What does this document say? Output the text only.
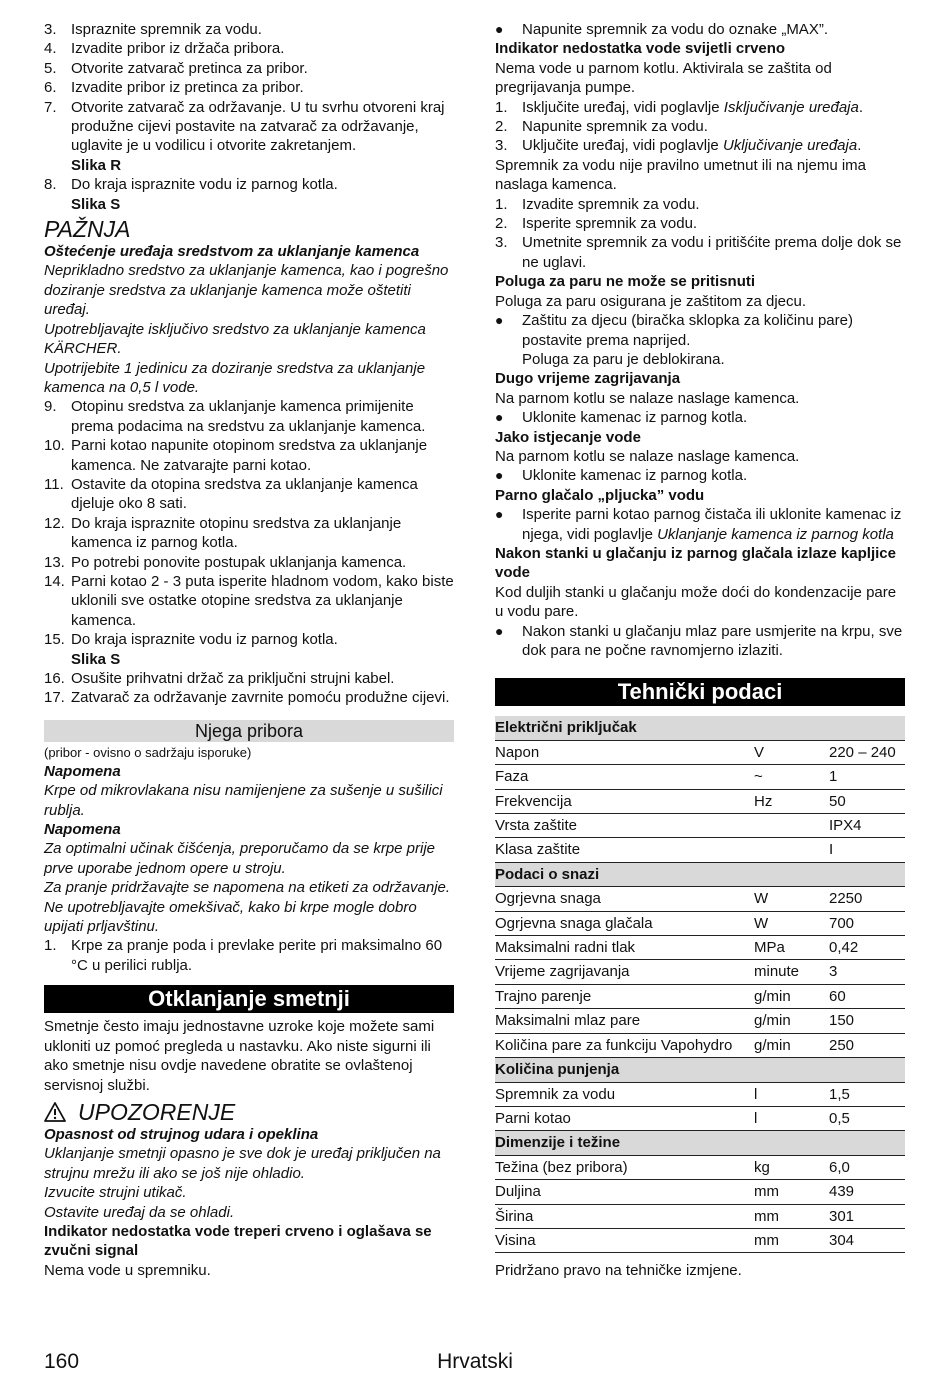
3. Ispraznite spremnik za vodu.
4. Izvadite pribor iz držača pribora.
5. Otvorite zatvarač pretinca za pribor.
6. Izvadite pribor iz pretinca za pribor.
7. Otvorite zatvarač za održavanje. U tu svrhu otvoreni kraj produžne cijevi postavite na zatvarač za održavanje, uglavite je u vodilicu i otvorite zakretanjem.

Slika R

8. Do kraja ispraznite vodu iz parnog kotla.

Slika S

PAŽNJA

Oštećenje uređaja sredstvom za uklanjanje kamenca

Neprikladno sredstvo za uklanjanje kamenca, kao i pogrešno doziranje sredstva za uklanjanje kamenca može oštetiti uređaj.

Upotrebljavajte isključivo sredstvo za uklanjanje kamenca KÄRCHER.

Upotrijebite 1 jedinicu za doziranje sredstva za uklanjanje kamenca na 0,5 l vode.

9. Otopinu sredstva za uklanjanje kamenca primijenite prema podacima na sredstvu za uklanjanje kamenca.
10. Parni kotao napunite otopinom sredstva za uklanjanje kamenca. Ne zatvarajte parni kotao.
11. Ostavite da otopina sredstva za uklanjanje kamenca djeluje oko 8 sati.
12. Do kraja ispraznite otopinu sredstva za uklanjanje kamenca iz parnog kotla.
13. Po potrebi ponovite postupak uklanjanja kamenca.
14. Parni kotao 2 - 3 puta isperite hladnom vodom, kako biste uklonili sve ostatke otopine sredstva za uklanjanje kamenca.
15. Do kraja ispraznite vodu iz parnog kotla.

Slika S

16. Osušite prihvatni držač za priključni strujni kabel.
17. Zatvarač za održavanje zavrnite pomoću produžne cijevi.
Njega pribora

(pribor - ovisno o sadržaju isporuke)

Napomena

Krpe od mikrovlakana nisu namijenjene za sušenje u sušilici rublja.

Napomena

Za optimalni učinak čišćenja, preporučamo da se krpe prije prve uporabe jednom opere u stroju.

Za pranje pridržavajte se napomena na etiketi za održavanje. Ne upotrebljavajte omekšivač, kako bi krpe mogle dobro upijati prljavštinu.

1. Krpe za pranje poda i prevlake perite pri maksimalno 60 °C u perilici rublja.
Otklanjanje smetnji

Smetnje često imaju jednostavne uzroke koje možete sami ukloniti uz pomoć pregleda u nastavku. Ako niste sigurni ili ako smetnje nisu ovdje navedene obratite se ovlaštenoj servisnoj službi.

UPOZORENJE

Opasnost od strujnog udara i opeklina

Uklanjanje smetnji opasno je sve dok je uređaj priključen na strujnu mrežu ili ako se još nije ohladio.

Izvucite strujni utikač.

Ostavite uređaj da se ohladi.

Indikator nedostatka vode treperi crveno i oglašava se zvučni signal

Nema vode u spremniku.

●	Napunite spremnik za vodu do oznake „MAX”.

Indikator nedostatka vode svijetli crveno

Nema vode u parnom kotlu. Aktivirala se zaštita od pregrijavanja pumpe.

1. Isključite uređaj, vidi poglavlje Isključivanje uređaja.
2. Napunite spremnik za vodu.
3. Uključite uređaj, vidi poglavlje Uključivanje uređaja.

Spremnik za vodu nije pravilno umetnut ili na njemu ima naslaga kamenca.

1. Izvadite spremnik za vodu.
2. Isperite spremnik za vodu.
3. Umetnite spremnik za vodu i pritišćite prema dolje dok se ne uglavi.

Poluga za paru ne može se pritisnuti

Poluga za paru osigurana je zaštitom za djecu.

●	Zaštitu za djecu (biračka sklopka za količinu pare) postavite prema naprijed.

Poluga za paru je deblokirana.

Dugo vrijeme zagrijavanja

Na parnom kotlu se nalaze naslage kamenca.

●	Uklonite kamenac iz parnog kotla.

Jako istjecanje vode

Na parnom kotlu se nalaze naslage kamenca.

●	Uklonite kamenac iz parnog kotla.

Parno glačalo „pljucka” vodu

●	Isperite parni kotao parnog čistača ili uklonite kamenac iz njega, vidi poglavlje Uklanjanje kamenca iz parnog kotla

Nakon stanki u glačanju iz parnog glačala izlaze kapljice vode

Kod duljih stanki u glačanju može doći do kondenzacije pare u vodu pare.

●	Nakon stanki u glačanju mlaz pare usmjerite na krpu, sve dok para ne počne ravnomjerno izlaziti.
Tehnički podaci
Električni priključak		
Napon	V	220 – 240
Faza	~	1
Frekvencija	Hz	50
Vrsta zaštite		IPX4
Klasa zaštite		I
Podaci o snazi		
Ogrjevna snaga	W	2250
Ogrjevna snaga glačala	W	700
Maksimalni radni tlak	MPa	0,42
Vrijeme zagrijavanja	minute	3
Trajno parenje	g/min	60
Maksimalni mlaz pare	g/min	150
Količina pare za funkciju Vapohydro	g/min	250
Količina punjenja		
Spremnik za vodu	l	1,5
Parni kotao	l	0,5
Dimenzije i težine		
Težina (bez pribora)	kg	6,0
Duljina	mm	439
Širina	mm	301
Visina	mm	304

Pridržano pravo na tehničke izmjene.

160	Hrvatski
